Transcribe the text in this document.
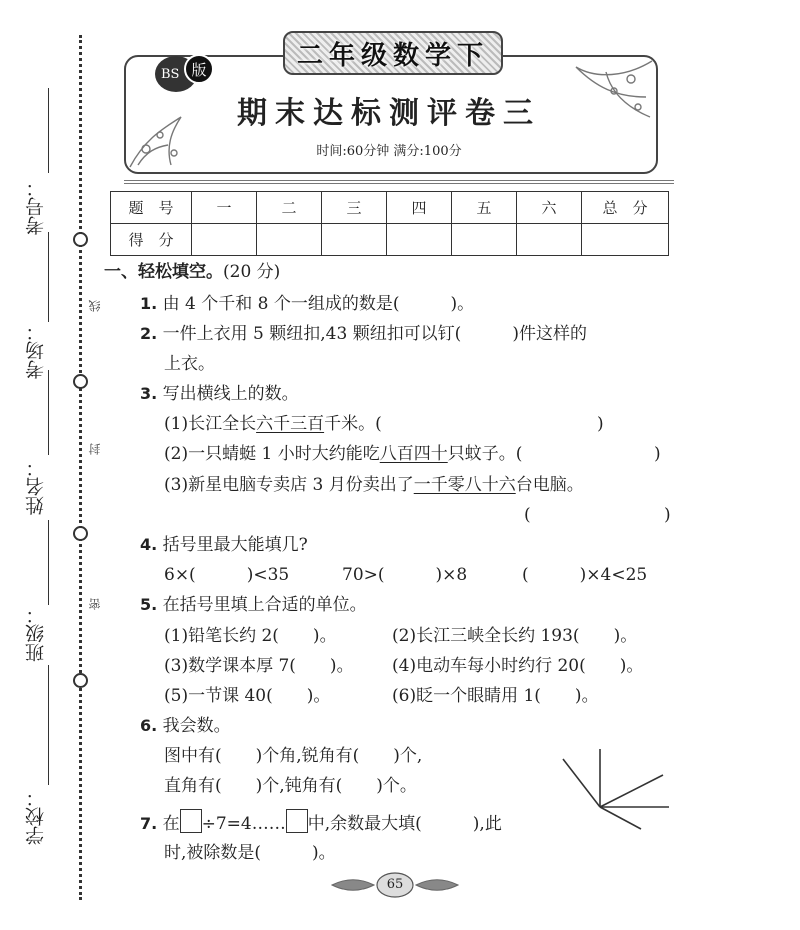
考号：
考场：
姓名：
班级：
学校：
线
封
密
二年级数学下
BS 版
期末达标测评卷三
时间:60分钟 满分:100分
题　号	一	二	三	四	五	六	总　分
得　分							
一、轻松填空。(20 分)
1. 由 4 个千和 8 个一组成的数是(　　　)。
2. 一件上衣用 5 颗纽扣,43 颗纽扣可以钉(　　　)件这样的
上衣。
3. 写出横线上的数。
(1)长江全长六千三百千米。(	)
(2)一只蜻蜓 1 小时大约能吃八百四十只蚊子。(	)
(3)新星电脑专卖店 3 月份卖出了一千零八十六台电脑。
(	)
4. 括号里最大能填几?
6×(　　　)<35	70>(　　　)×8	(　　　)×4<25
5. 在括号里填上合适的单位。
(1)铅笔长约 2(　　)。	(2)长江三峡全长约 193(　　)。
(3)数学课本厚 7(　　)。 (4)电动车每小时约行 20(　　)。
(5)一节课 40(　　)。	(6)眨一个眼睛用 1(　　)。
6. 我会数。
图中有(　　)个角,锐角有(　　)个,
直角有(　　)个,钝角有(　　)个。
7. 在 ÷7=4…… 中,余数最大填(　　　),此
时,被除数是(　　　)。
65
